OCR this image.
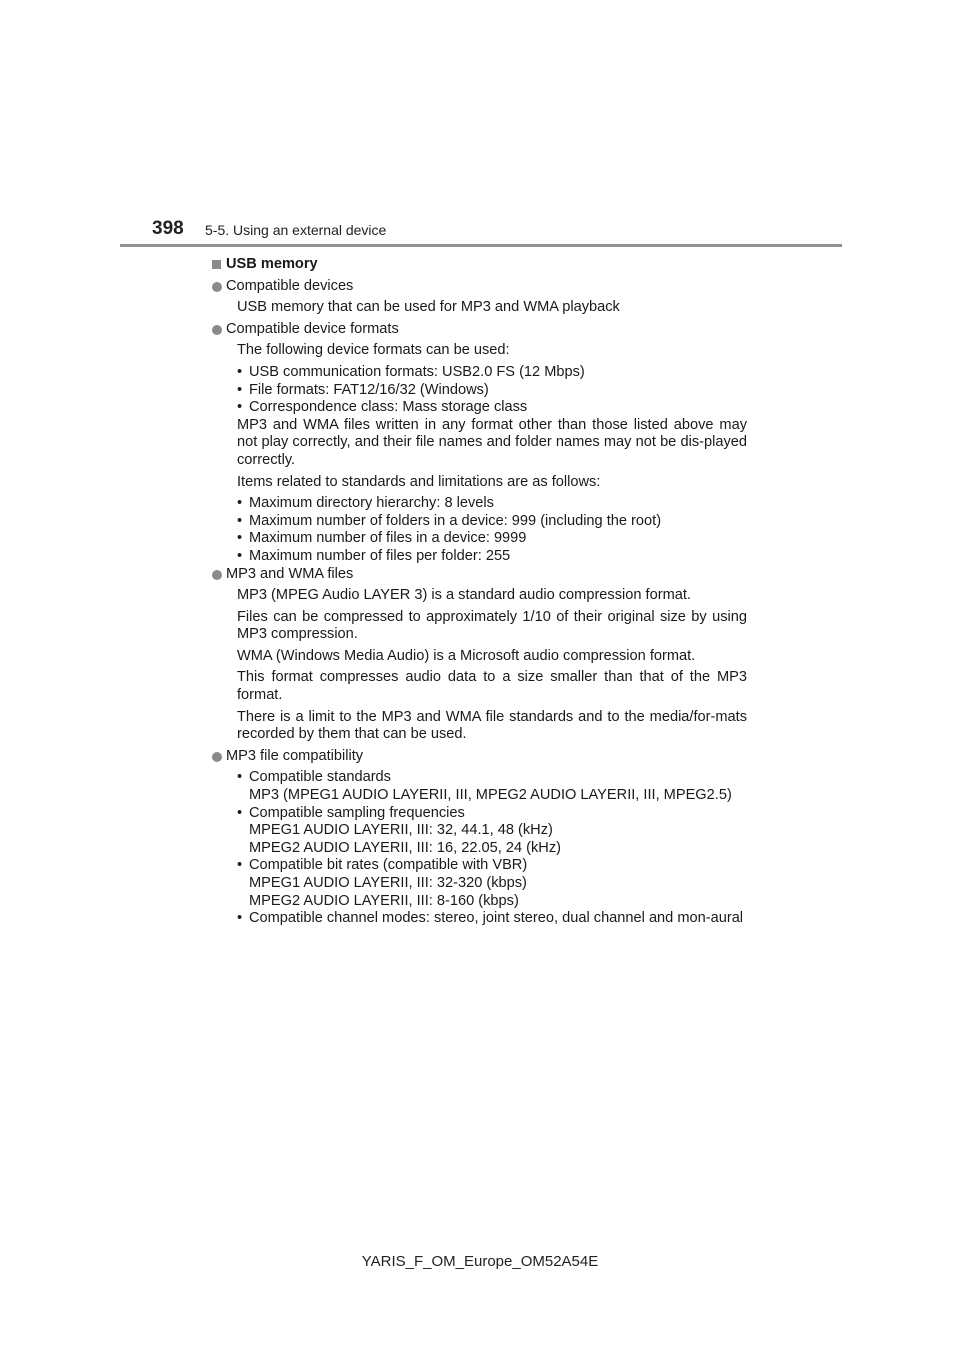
398 5-5. Using an external device
USB memory
Compatible devices

USB memory that can be used for MP3 and WMA playback

Compatible device formats

The following device formats can be used:

• USB communication formats: USB2.0 FS (12 Mbps)
• File formats: FAT12/16/32 (Windows)
• Correspondence class: Mass storage class

MP3 and WMA files written in any format other than those listed above may not play correctly, and their file names and folder names may not be dis-played correctly.

Items related to standards and limitations are as follows:

• Maximum directory hierarchy: 8 levels
• Maximum number of folders in a device: 999 (including the root)
• Maximum number of files in a device: 9999
• Maximum number of files per folder: 255
MP3 and WMA files

MP3 (MPEG Audio LAYER 3) is a standard audio compression format.

Files can be compressed to approximately 1/10 of their original size by using MP3 compression.

WMA (Windows Media Audio) is a Microsoft audio compression format.

This format compresses audio data to a size smaller than that of the MP3 format.

There is a limit to the MP3 and WMA file standards and to the media/for-mats recorded by them that can be used.

MP3 file compatibility
• Compatible standards
MP3 (MPEG1 AUDIO LAYERII, III, MPEG2 AUDIO LAYERII, III, MPEG2.5)
• Compatible sampling frequencies
MPEG1 AUDIO LAYERII, III: 32, 44.1, 48 (kHz)
MPEG2 AUDIO LAYERII, III: 16, 22.05, 24 (kHz)
• Compatible bit rates (compatible with VBR)
MPEG1 AUDIO LAYERII, III: 32-320 (kbps)
MPEG2 AUDIO LAYERII, III: 8-160 (kbps)
• Compatible channel modes: stereo, joint stereo, dual channel and mon-aural
YARIS_F_OM_Europe_OM52A54E
